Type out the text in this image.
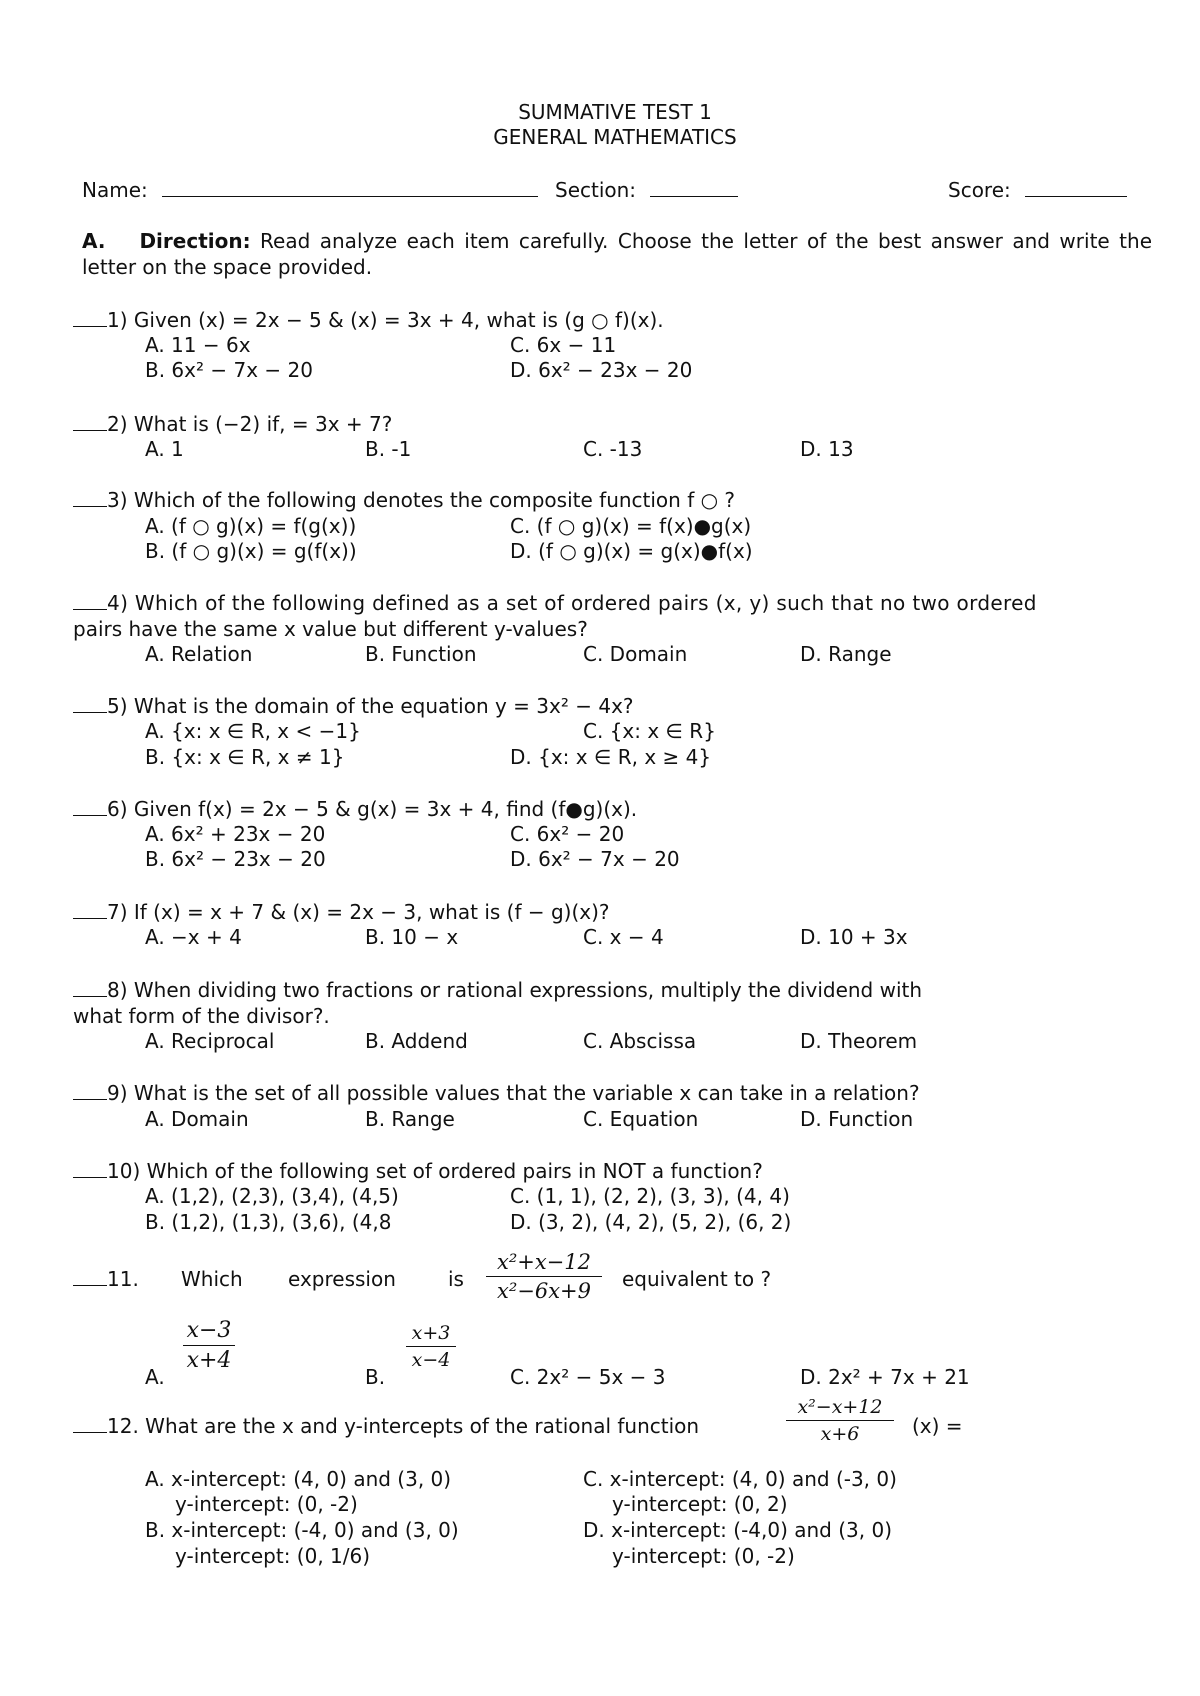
SUMMATIVE TEST 1
GENERAL MATHEMATICS
Name:	Section:	Score:
A. Direction: Read analyze each item carefully. Choose the letter of the best answer and write the letter on the space provided.
1) Given (x) = 2x − 5 & (x) = 3x + 4, what is (g ○ f)(x).
A. 11 − 6x	C. 6x − 11
B. 6x² − 7x − 20	D. 6x² − 23x − 20
2) What is (−2) if, = 3x + 7?
A. 1	B. -1	C. -13	D. 13
3) Which of the following denotes the composite function f ○ ?
A. (f ○ g)(x) = f(g(x))	C. (f ○ g)(x) = f(x)●g(x)
B. (f ○ g)(x) = g(f(x))	D. (f ○ g)(x) = g(x)●f(x)
4) Which of the following defined as a set of ordered pairs (x, y) such that no two ordered
pairs have the same x value but different y-values?
A. Relation	B. Function	C. Domain	D. Range
5) What is the domain of the equation y = 3x² − 4x?
A. {x: x ∈ R, x < −1}	C. {x: x ∈ R}
B. {x: x ∈ R, x ≠ 1}	D. {x: x ∈ R, x ≥ 4}
6) Given f(x) = 2x − 5 & g(x) = 3x + 4, find (f●g)(x).
A. 6x² + 23x − 20	C. 6x² − 20
B. 6x² − 23x − 20	D. 6x² − 7x − 20
7) If (x) = x + 7 & (x) = 2x − 3, what is (f − g)(x)?
A. −x + 4	B. 10 − x	C. x − 4	D. 10 + 3x
8) When dividing two fractions or rational expressions, multiply the dividend with
what form of the divisor?.
A. Reciprocal	B. Addend	C. Abscissa	D. Theorem
9) What is the set of all possible values that the variable x can take in a relation?
A. Domain	B. Range	C. Equation	D. Function
10) Which of the following set of ordered pairs in NOT a function?
A. (1,2), (2,3), (3,4), (4,5)	C. (1, 1), (2, 2), (3, 3), (4, 4)
B. (1,2), (1,3), (3,6), (4,8	D. (3, 2), (4, 2), (5, 2), (6, 2)
11. Which expression	is
x²+x−12
x²−6x+9	equivalent to ?
A.
x−3
x+4
B.
x+3
x−4
C. 2x² − 5x − 3	D. 2x² + 7x + 21
12. What are the x and y-intercepts of the rational function
x²−x+12
x+6	(x) =
A. x-intercept: (4, 0) and (3, 0)
y-intercept: (0, -2)
B. x-intercept: (-4, 0) and (3, 0)
y-intercept: (0, 1/6)
C. x-intercept: (4, 0) and (-3, 0)
y-intercept: (0, 2)
D. x-intercept: (-4,0) and (3, 0)
y-intercept: (0, -2)
